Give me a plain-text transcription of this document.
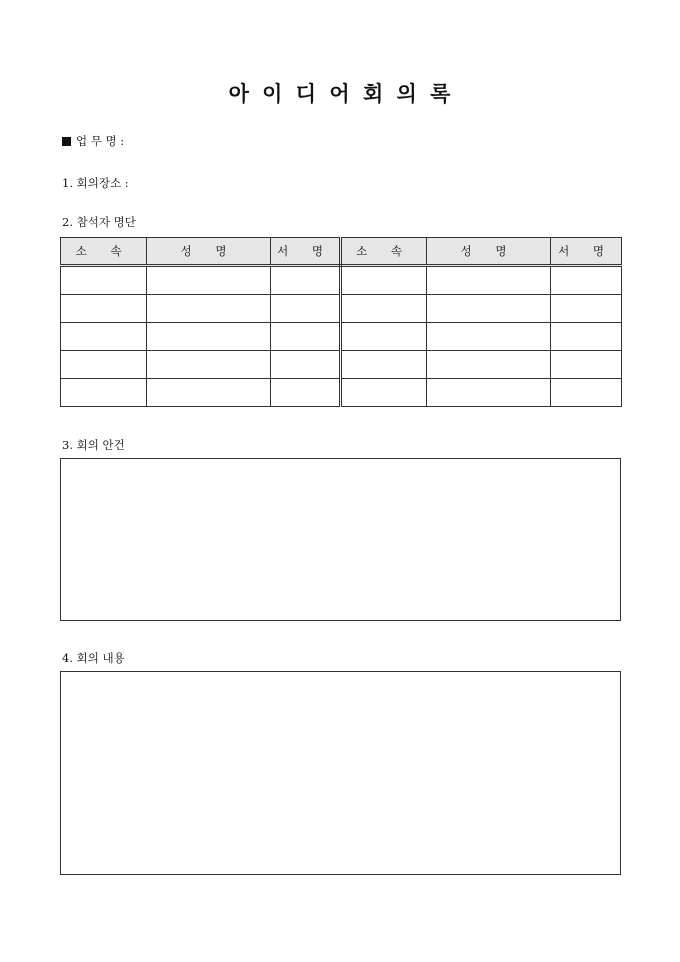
아 이 디 어 회 의 록
업 무 명 :
1. 회의장소 :
2. 참석자 명단
소 속	성 명	서 명	소 속	성 명	서 명

3. 회의 안건
4. 회의 내용
